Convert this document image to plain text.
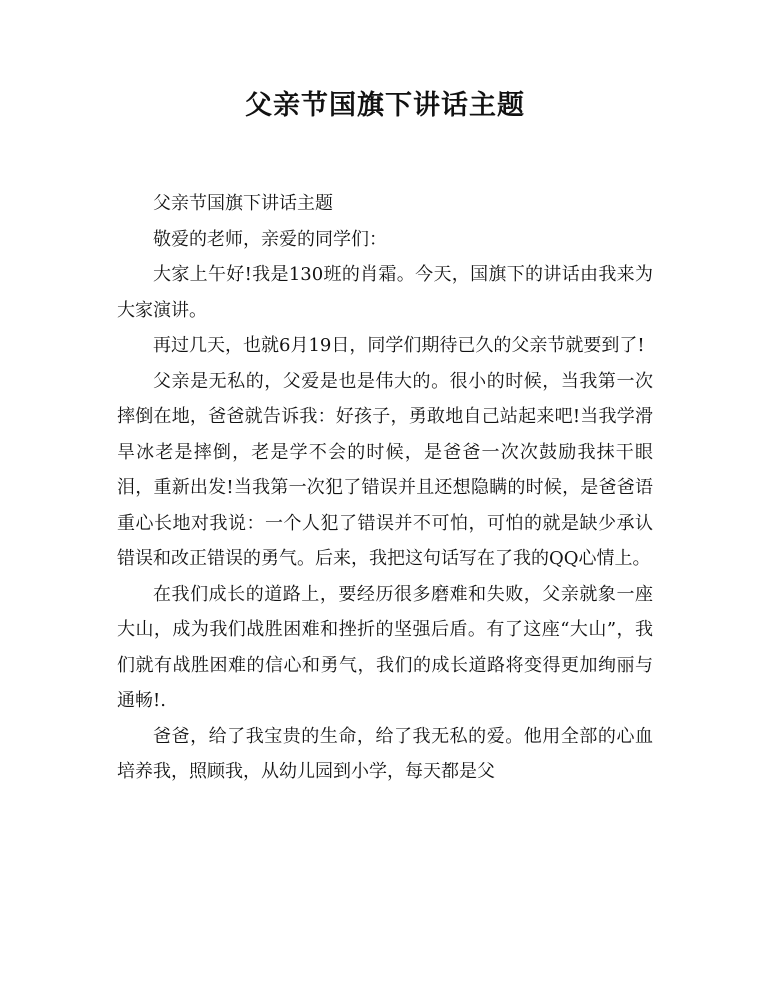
父亲节国旗下讲话主题

父亲节国旗下讲话主题

敬爱的老师，亲爱的同学们：

大家上午好!我是130班的肖霜。今天，国旗下的讲话由我来为大家演讲。

再过几天，也就6月19日，同学们期待已久的父亲节就要到了!

父亲是无私的，父爱是也是伟大的。很小的时候，当我第一次摔倒在地，爸爸就告诉我：好孩子，勇敢地自己站起来吧!当我学滑旱冰老是摔倒，老是学不会的时候，是爸爸一次次鼓励我抹干眼泪，重新出发!当我第一次犯了错误并且还想隐瞒的时候，是爸爸语重心长地对我说：一个人犯了错误并不可怕，可怕的就是缺少承认错误和改正错误的勇气。后来，我把这句话写在了我的QQ心情上。

在我们成长的道路上，要经历很多磨难和失败，父亲就象一座大山，成为我们战胜困难和挫折的坚强后盾。有了这座“大山”，我们就有战胜困难的信心和勇气，我们的成长道路将变得更加绚丽与通畅!.

爸爸，给了我宝贵的生命，给了我无私的爱。他用全部的心血培养我，照顾我，从幼儿园到小学，每天都是父
